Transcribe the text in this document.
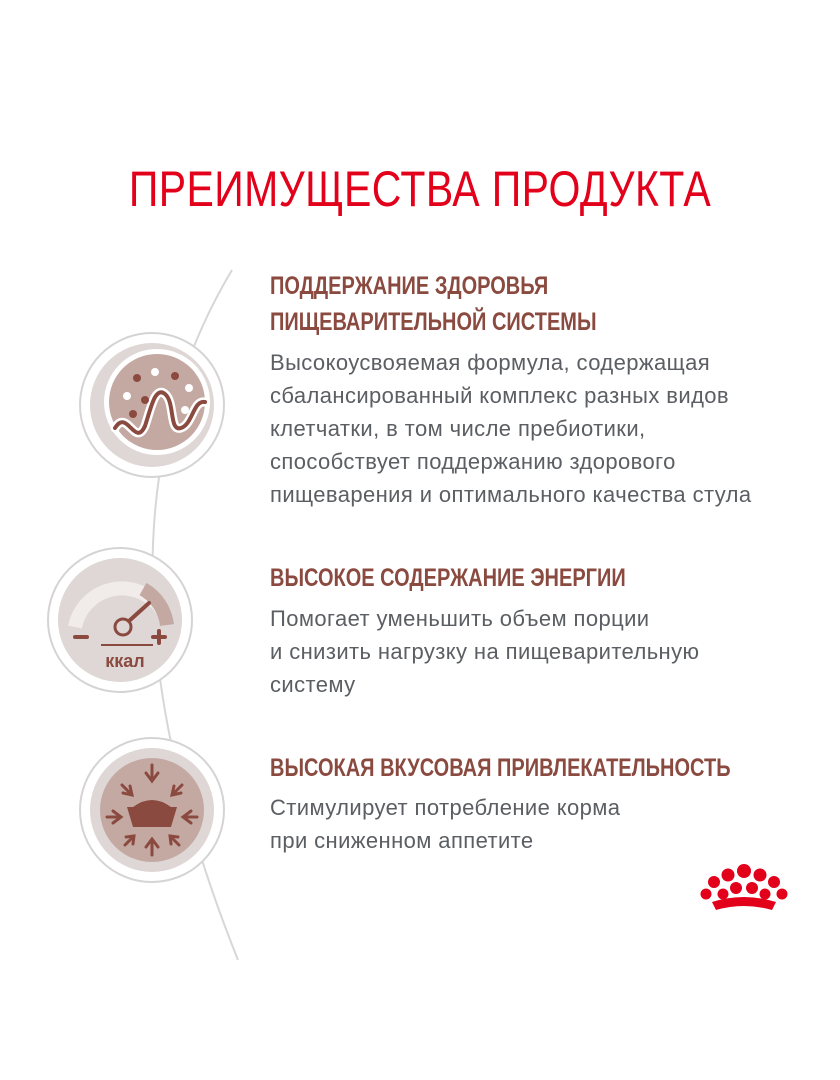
ПРЕИМУЩЕСТВА ПРОДУКТА
ПОДДЕРЖАНИЕ ЗДОРОВЬЯ
ПИЩЕВАРИТЕЛЬНОЙ СИСТЕМЫ
Высокоусвояемая формула, содержащая
сбалансированный комплекс разных видов
клетчатки, в том числе пребиотики,
способствует поддержанию здорового
пищеварения и оптимального качества стула
ккал
ВЫСОКОЕ СОДЕРЖАНИЕ ЭНЕРГИИ
Помогает уменьшить объем порции
и снизить нагрузку на пищеварительную
систему
ВЫСОКАЯ ВКУСОВАЯ ПРИВЛЕКАТЕЛЬНОСТЬ
Стимулирует потребление корма
при сниженном аппетите
